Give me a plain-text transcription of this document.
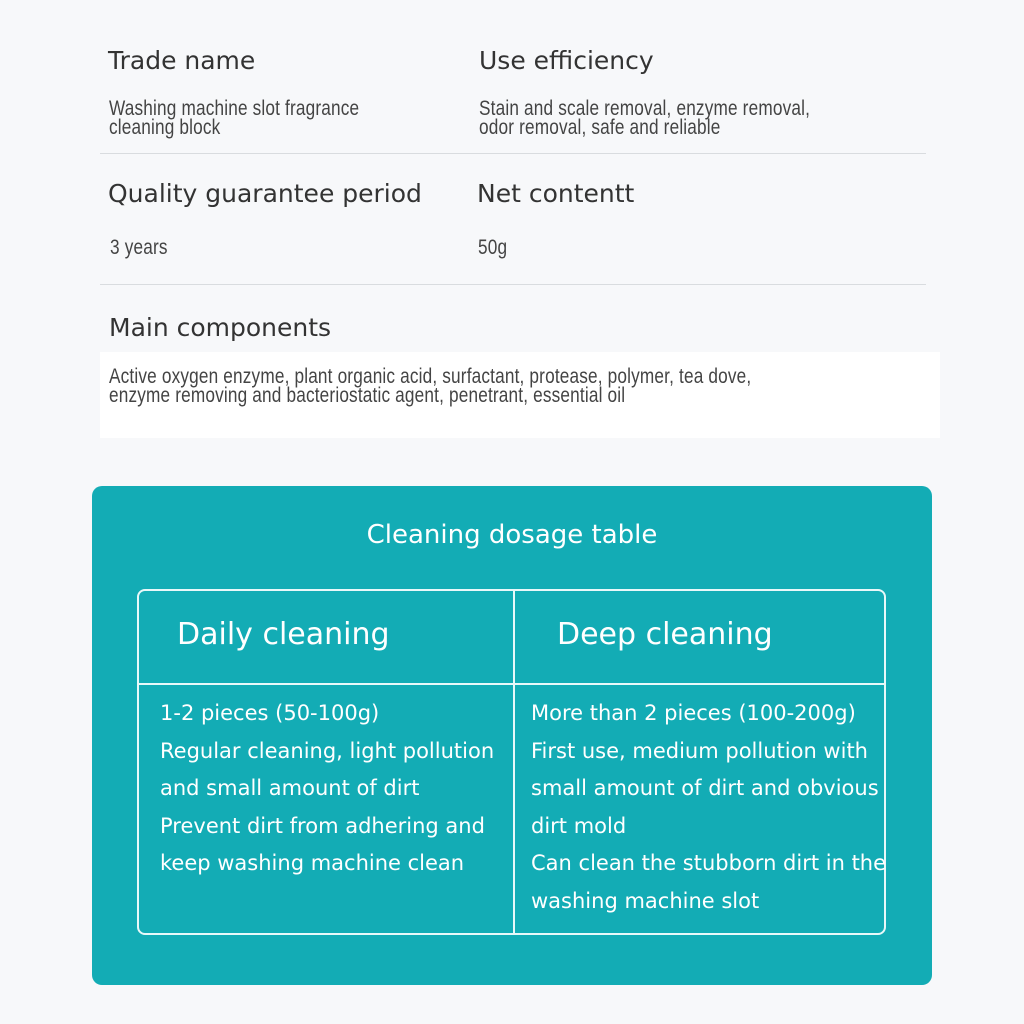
Trade name
Washing machine slot fragrance
cleaning block
Use efficiency
Stain and scale removal, enzyme removal,
odor removal, safe and reliable
Quality guarantee period
3 years
Net contentt
50g
Main components
Active oxygen enzyme, plant organic acid, surfactant, protease, polymer, tea dove,
enzyme removing and bacteriostatic agent, penetrant, essential oil
Cleaning dosage table
Daily cleaning
1-2 pieces (50-100g)
Regular cleaning, light pollution
and small amount of dirt
Prevent dirt from adhering and
keep washing machine clean
Deep cleaning
More than 2 pieces (100-200g)
First use, medium pollution with
small amount of dirt and obvious
dirt mold
Can clean the stubborn dirt in the
washing machine slot
